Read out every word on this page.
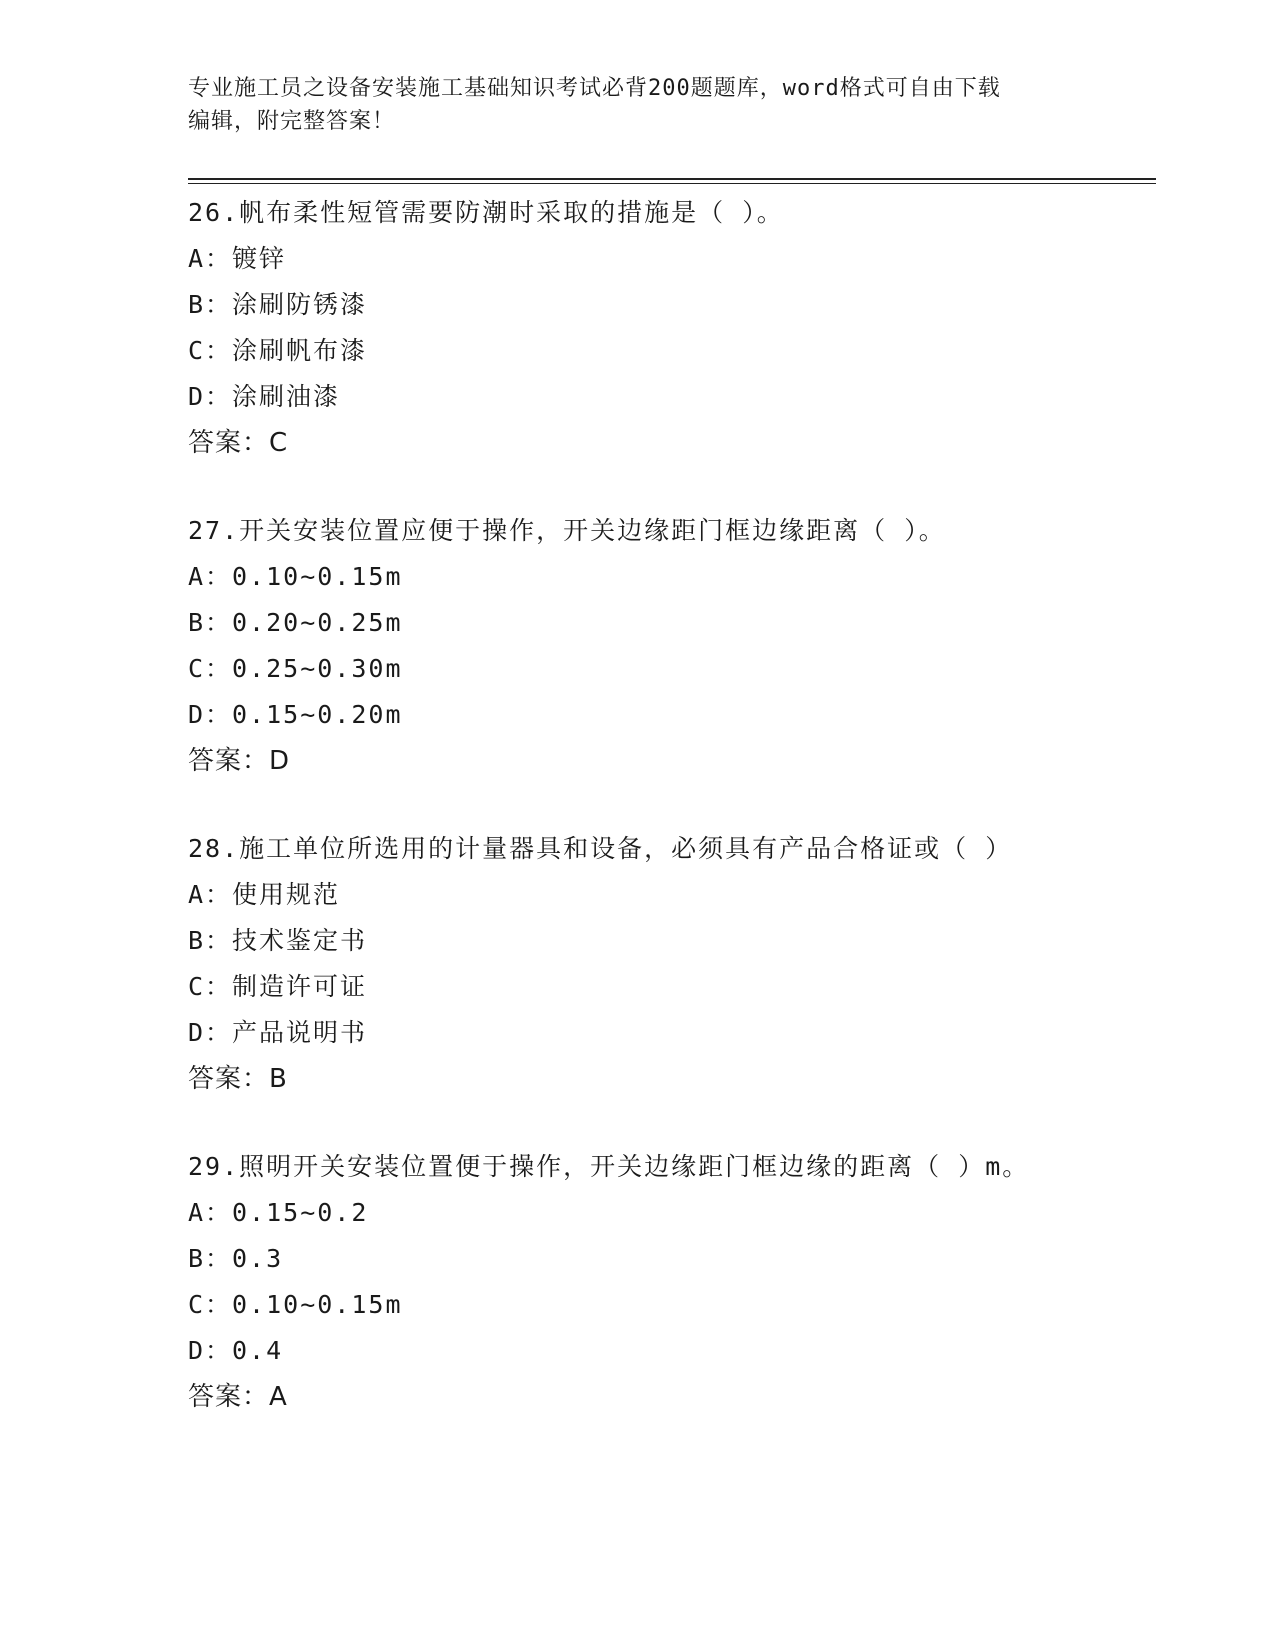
专业施工员之设备安装施工基础知识考试必背200题题库，word格式可自由下载
编辑，附完整答案！
26.帆布柔性短管需要防潮时采取的措施是（ ）。
A：镀锌
B：涂刷防锈漆
C：涂刷帆布漆
D：涂刷油漆
答案：C
27.开关安装位置应便于操作，开关边缘距门框边缘距离（ ）。
A：0.10~0.15m
B：0.20~0.25m
C：0.25~0.30m
D：0.15~0.20m
答案：D
28.施工单位所选用的计量器具和设备，必须具有产品合格证或（ ）
A：使用规范
B：技术鉴定书
C：制造许可证
D：产品说明书
答案：B
29.照明开关安装位置便于操作，开关边缘距门框边缘的距离（ ）m。
A：0.15~0.2
B：0.3
C：0.10~0.15m
D：0.4
答案：A
